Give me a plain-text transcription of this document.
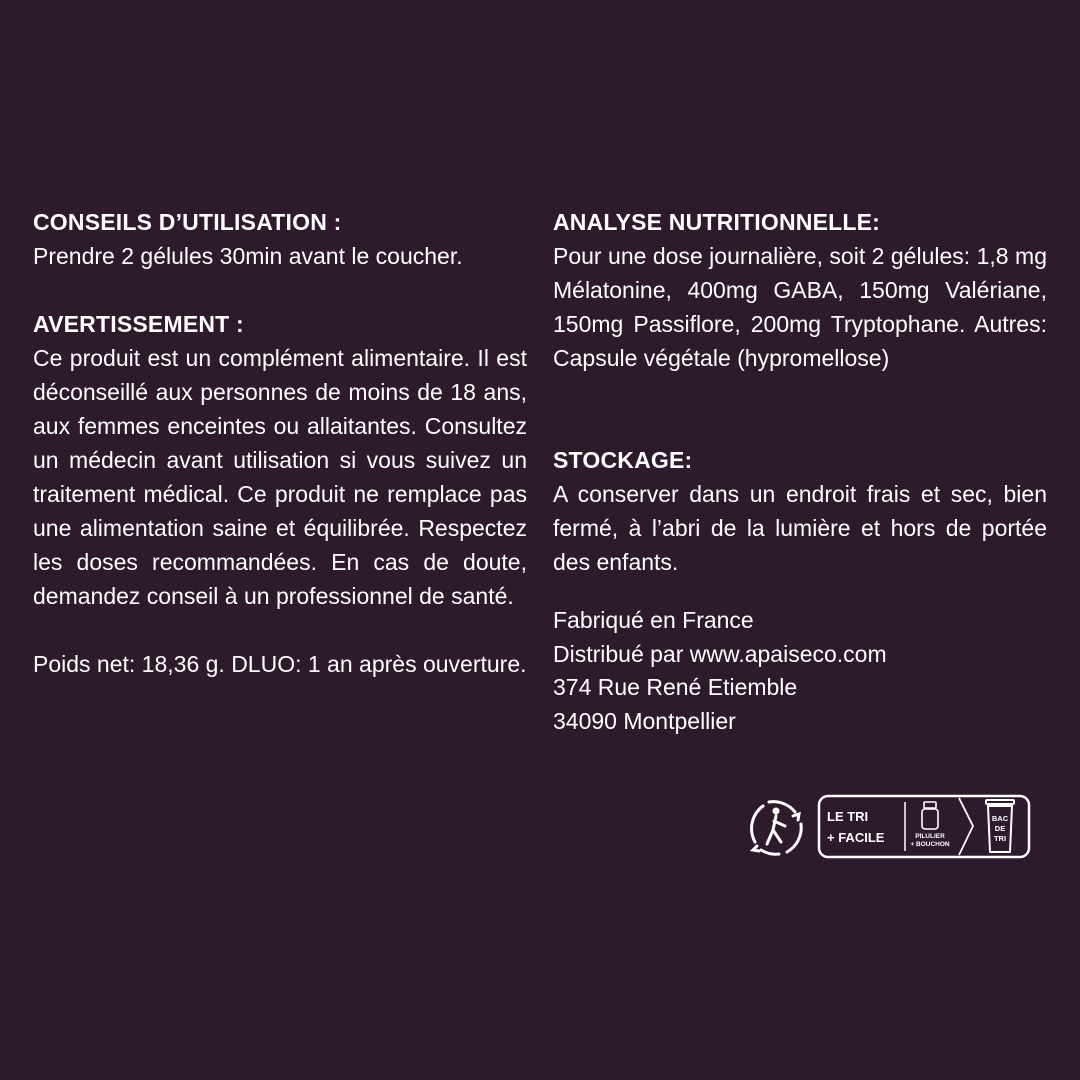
CONSEILS D’UTILISATION :

Prendre 2 gélules 30min avant le coucher.

AVERTISSEMENT :

Ce produit est un complément alimentaire. Il est déconseillé aux personnes de moins de 18 ans, aux femmes enceintes ou allaitantes. Consultez un médecin avant utilisation si vous suivez un traitement médical. Ce produit ne remplace pas une alimentation saine et équilibrée. Respectez les doses recommandées. En cas de doute, demandez conseil à un professionnel de santé.

Poids net: 18,36 g. DLUO: 1 an après ouverture.

ANALYSE NUTRITIONNELLE:

Pour une dose journalière, soit 2 gélules: 1,8 mg Mélatonine, 400mg GABA, 150mg Valériane, 150mg Passiflore, 200mg Tryptophane. Autres: Capsule végétale (hypromellose)

STOCKAGE:

A conserver dans un endroit frais et sec, bien fermé, à l’abri de la lumière et hors de portée des enfants.

Fabriqué en France
Distribué par www.apaiseco.com
374 Rue René Etiemble
34090 Montpellier
LE TRI
+ FACILE	PILULIER
+ BOUCHON
BAC
DE
TRI
